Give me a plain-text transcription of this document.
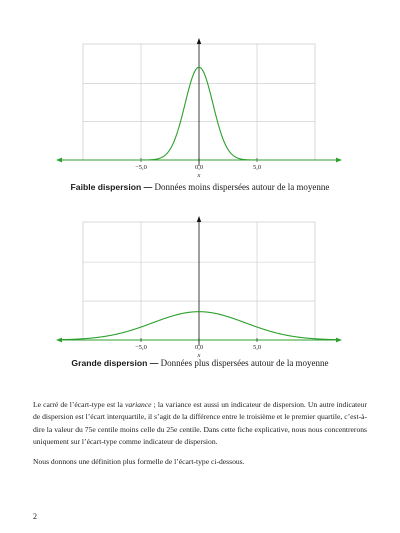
−5,0	0,0	5,0
x
Faible dispersion — Données moins dispersées autour de la moyenne
−5,0	0,0	5,0
x
Grande dispersion — Données plus dispersées autour de la moyenne
Le carré de l’écart-type est la variance ; la variance est aussi un indicateur de dispersion. Un autre indicateur de dispersion est l’écart interquartile, il s’agit de la différence entre le troisième et le premier quartile, c’est-à-dire la valeur du 75e centile moins celle du 25e centile. Dans cette fiche explicative, nous nous concentrerons uniquement sur l’écart-type comme indicateur de dispersion.
Nous donnons une définition plus formelle de l’écart-type ci-dessous.
2
